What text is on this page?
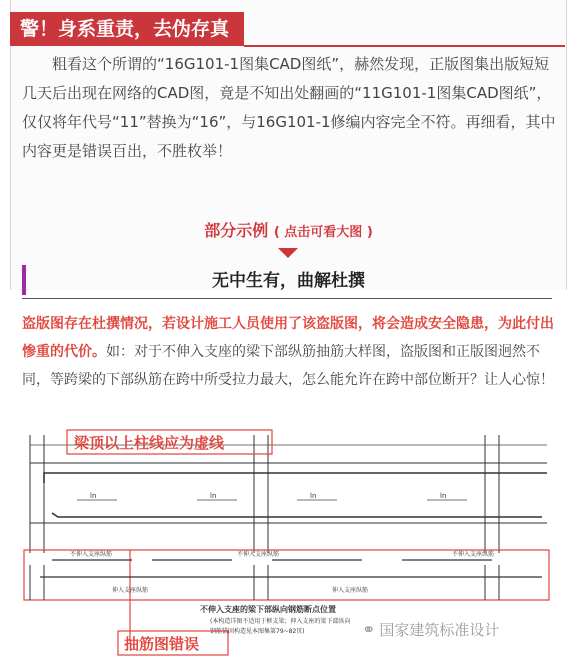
警！身系重责，去伪存真

粗看这个所谓的“16G101-1图集CAD图纸”，赫然发现，正版图集出版短短几天后出现在网络的CAD图，竟是不知出处翻画的“11G101-1图集CAD图纸”，仅仅将年代号“11”替换为“16”，与16G101-1修编内容完全不符。再细看，其中内容更是错误百出，不胜枚举！

部分示例 ( 点击可看大图 )
无中生有，曲解杜撰

盗版图存在杜撰情况，若设计施工人员使用了该盗版图，将会造成安全隐患，为此付出惨重的代价。如：对于不伸入支座的梁下部纵筋抽筋大样图，盗版图和正版图迥然不同，等跨梁的下部纵筋在跨中所受拉力最大，怎么能允许在跨中部位断开？让人心惊！

ln	ln	ln	ln
梁顶以上柱线应为虚线
不伸入支座纵筋	不伸入支座纵筋	不伸入支座纵筋
伸入支座纵筋	伸入支座纵筋
不伸入支座的梁下部纵向钢筋断点位置
(本构造详图不适用于框支梁；伸入支座的梁下部纵向
钢筋锚固构造见本图集第79~82页)
抽筋图错误
⚭ 国家建筑标准设计
